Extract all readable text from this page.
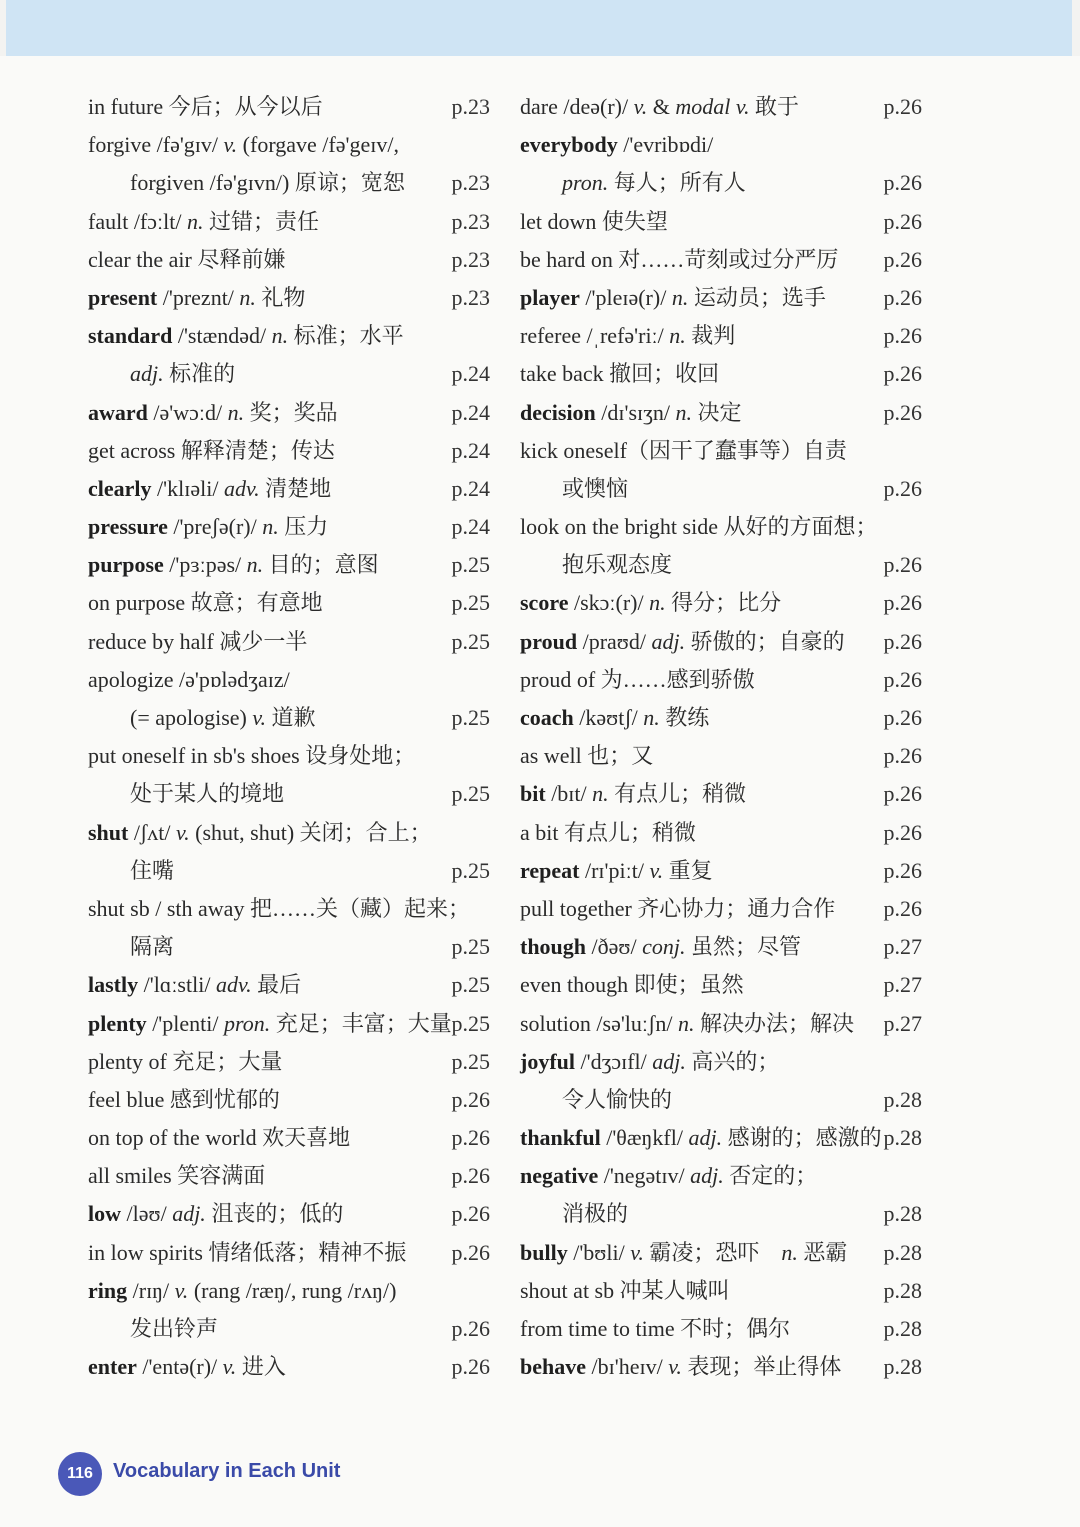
in future 今后；从今以后	p.23
forgive /fə'gɪv/ v. (forgave /fə'geɪv/,
forgiven /fə'gɪvn/) 原谅；宽恕 p.23
fault /fɔːlt/ n. 过错；责任	p.23
clear the air 尽释前嫌	p.23
present /'preznt/ n. 礼物	p.23
standard /'stændəd/ n. 标准；水平
adj. 标准的	p.24
award /ə'wɔːd/ n. 奖；奖品	p.24
get across 解释清楚；传达	p.24
clearly /'klɪəli/ adv. 清楚地	p.24
pressure /'preʃə(r)/ n. 压力	p.24
purpose /'pɜːpəs/ n. 目的；意图	p.25
on purpose 故意；有意地	p.25
reduce by half 减少一半	p.25
apologize /ə'pɒlədʒaɪz/
(= apologise) v. 道歉	p.25
put oneself in sb's shoes 设身处地；
处于某人的境地	p.25
shut /ʃʌt/ v. (shut, shut) 关闭；合上；
住嘴	p.25
shut sb / sth away 把……关（藏）起来；
隔离	p.25
lastly /'lɑːstli/ adv. 最后	p.25
plenty /'plenti/ pron. 充足；丰富；大量 p.25
plenty of 充足；大量	p.25
feel blue 感到忧郁的	p.26
on top of the world 欢天喜地	p.26
all smiles 笑容满面	p.26
low /ləʊ/ adj. 沮丧的；低的	p.26
in low spirits 情绪低落；精神不振 p.26
ring /rɪŋ/ v. (rang /ræŋ/, rung /rʌŋ/)
发出铃声	p.26
enter /'entə(r)/ v. 进入	p.26
dare /deə(r)/ v. & modal v. 敢于	p.26
everybody /'evribɒdi/
pron. 每人；所有人	p.26
let down 使失望	p.26
be hard on 对……苛刻或过分严厉 p.26
player /'pleɪə(r)/ n. 运动员；选手	p.26
referee /ˌrefə'riː/ n. 裁判	p.26
take back 撤回；收回	p.26
decision /dɪ'sɪʒn/ n. 决定	p.26
kick oneself（因干了蠢事等）自责
或懊恼	p.26
look on the bright side 从好的方面想；
抱乐观态度	p.26
score /skɔː(r)/ n. 得分；比分	p.26
proud /praʊd/ adj. 骄傲的；自豪的 p.26
proud of 为……感到骄傲	p.26
coach /kəʊtʃ/ n. 教练	p.26
as well 也；又	p.26
bit /bɪt/ n. 有点儿；稍微	p.26
a bit 有点儿；稍微	p.26
repeat /rɪ'piːt/ v. 重复	p.26
pull together 齐心协力；通力合作 p.26
though /ðəʊ/ conj. 虽然；尽管	p.27
even though 即使；虽然	p.27
solution /sə'luːʃn/ n. 解决办法；解决 p.27
joyful /'dʒɔɪfl/ adj. 高兴的；
令人愉快的	p.28
thankful /'θæŋkfl/ adj. 感谢的；感激的 p.28
negative /'negətɪv/ adj. 否定的；
消极的	p.28
bully /'bʊli/ v. 霸凌；恐吓　n. 恶霸 p.28
shout at sb 冲某人喊叫	p.28
from time to time 不时；偶尔	p.28
behave /bɪ'heɪv/ v. 表现；举止得体 p.28
116	Vocabulary in Each Unit
